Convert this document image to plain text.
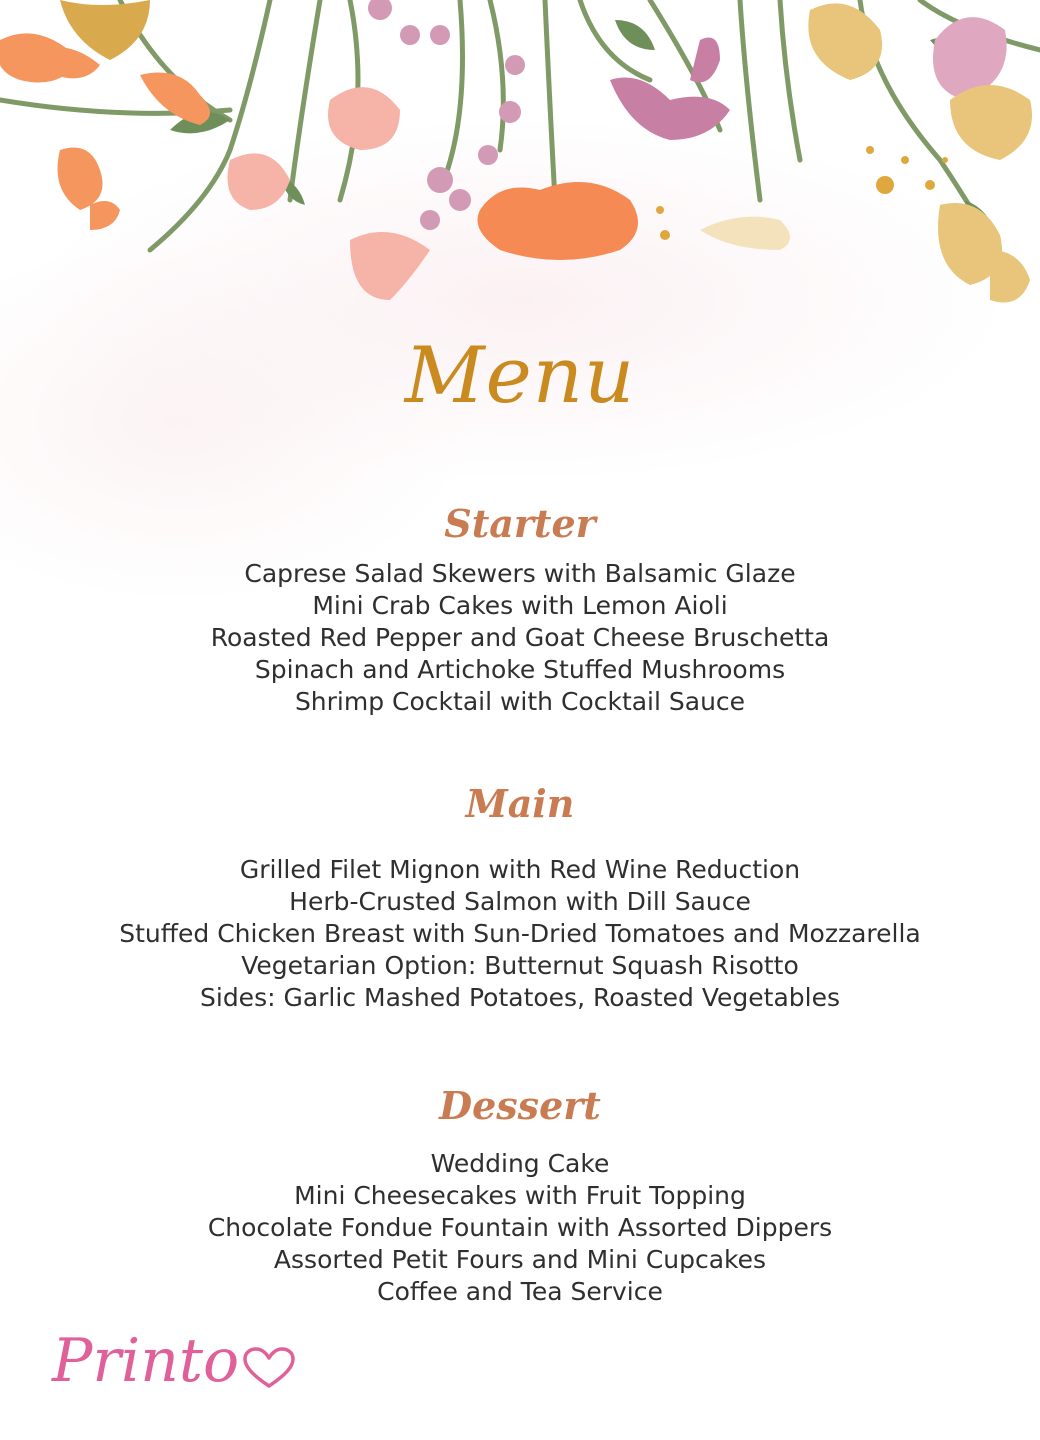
Menu
Starter
Caprese Salad Skewers with Balsamic Glaze
Mini Crab Cakes with Lemon Aioli
Roasted Red Pepper and Goat Cheese Bruschetta
Spinach and Artichoke Stuffed Mushrooms
Shrimp Cocktail with Cocktail Sauce
Main
Grilled Filet Mignon with Red Wine Reduction
Herb-Crusted Salmon with Dill Sauce
Stuffed Chicken Breast with Sun-Dried Tomatoes and Mozzarella
Vegetarian Option: Butternut Squash Risotto
Sides: Garlic Mashed Potatoes, Roasted Vegetables
Dessert
Wedding Cake
Mini Cheesecakes with Fruit Topping
Chocolate Fondue Fountain with Assorted Dippers
Assorted Petit Fours and Mini Cupcakes
Coffee and Tea Service
Printo
